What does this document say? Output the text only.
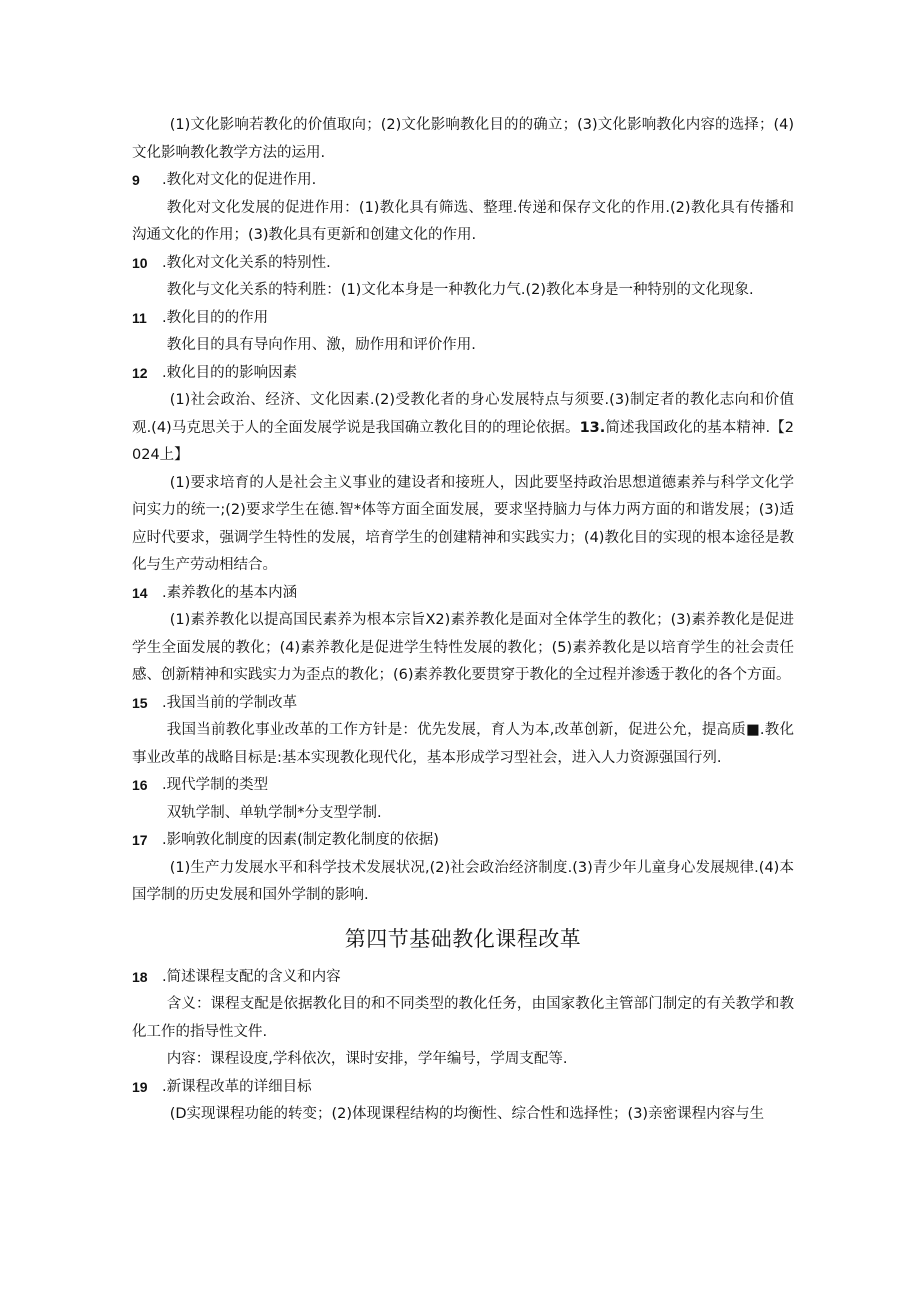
(1)文化影响若教化的价值取向；(2)文化影响教化目的的确立；(3)文化影响教化内容的选择；(4)文化影响教化教学方法的运用.

9 .教化对文化的促进作用.

教化对文化发展的促进作用：(1)教化具有筛选、整理.传递和保存文化的作用.(2)教化具有传播和沟通文化的作用；(3)教化具有更新和创建文化的作用.

10 .教化对文化关系的特别性.

教化与文化关系的特利胜：(1)文化本身是一种教化力气.(2)教化本身是一种特别的文化现象.

11 .教化目的的作用

教化目的具有导向作用、激，励作用和评价作用.

12 .敕化目的的影响因素

(1)社会政治、经济、文化因素.(2)受教化者的身心发展特点与须要.(3)制定者的教化志向和价值观.(4)马克思关于人的全面发展学说是我国确立教化目的的理论依据。13.简述我国政化的基本精神.【2024上】

(1)要求培育的人是社会主义事业的建设者和接班人，因此要坚持政治思想道德素养与科学文化学问实力的统一;(2)要求学生在德.智*体等方面全面发展，要求坚持脑力与体力两方面的和谐发展；(3)适应时代要求，强调学生特性的发展，培育学生的创建精神和实践实力；(4)教化目的实现的根本途径是教化与生产劳动相结合。

14 .素养教化的基本内涵

(1)素养教化以提高国民素养为根本宗旨X2)素养教化是面对全体学生的教化；(3)素养教化是促进学生全面发展的教化；(4)素养教化是促进学生特性发展的教化；(5)素养教化是以培育学生的社会责任感、创新精神和实践实力为歪点的教化；(6)素养教化要贯穿于教化的全过程并渗透于教化的各个方面。

15 .我国当前的学制改革

我国当前教化事业改革的工作方针是：优先发展，育人为本,改革创新，促进公允，提高质■.教化事业改革的战略目标是:基本实现教化现代化，基本形成学习型社会，进入人力资源强国行列.

16 .现代学制的类型

双轨学制、单轨学制*分支型学制.

17 .影响敦化制度的因素(制定教化制度的依据)

(1)生产力发展水平和科学技术发展状况,(2)社会政治经济制度.(3)青少年儿童身心发展规律.(4)本国学制的历史发展和国外学制的影响.

第四节基础教化课程改革

18 .简述课程支配的含义和内容

含义：课程支配是依据教化目的和不同类型的教化任务，由国家教化主管部门制定的有关教学和教化工作的指导性文件.

内容：课程设度,学科依次，课时安排，学年编号，学周支配等.

19 .新课程改革的详细目标

(D实现课程功能的转变；(2)体现课程结构的均衡性、综合性和选择性；(3)亲密课程内容与生
